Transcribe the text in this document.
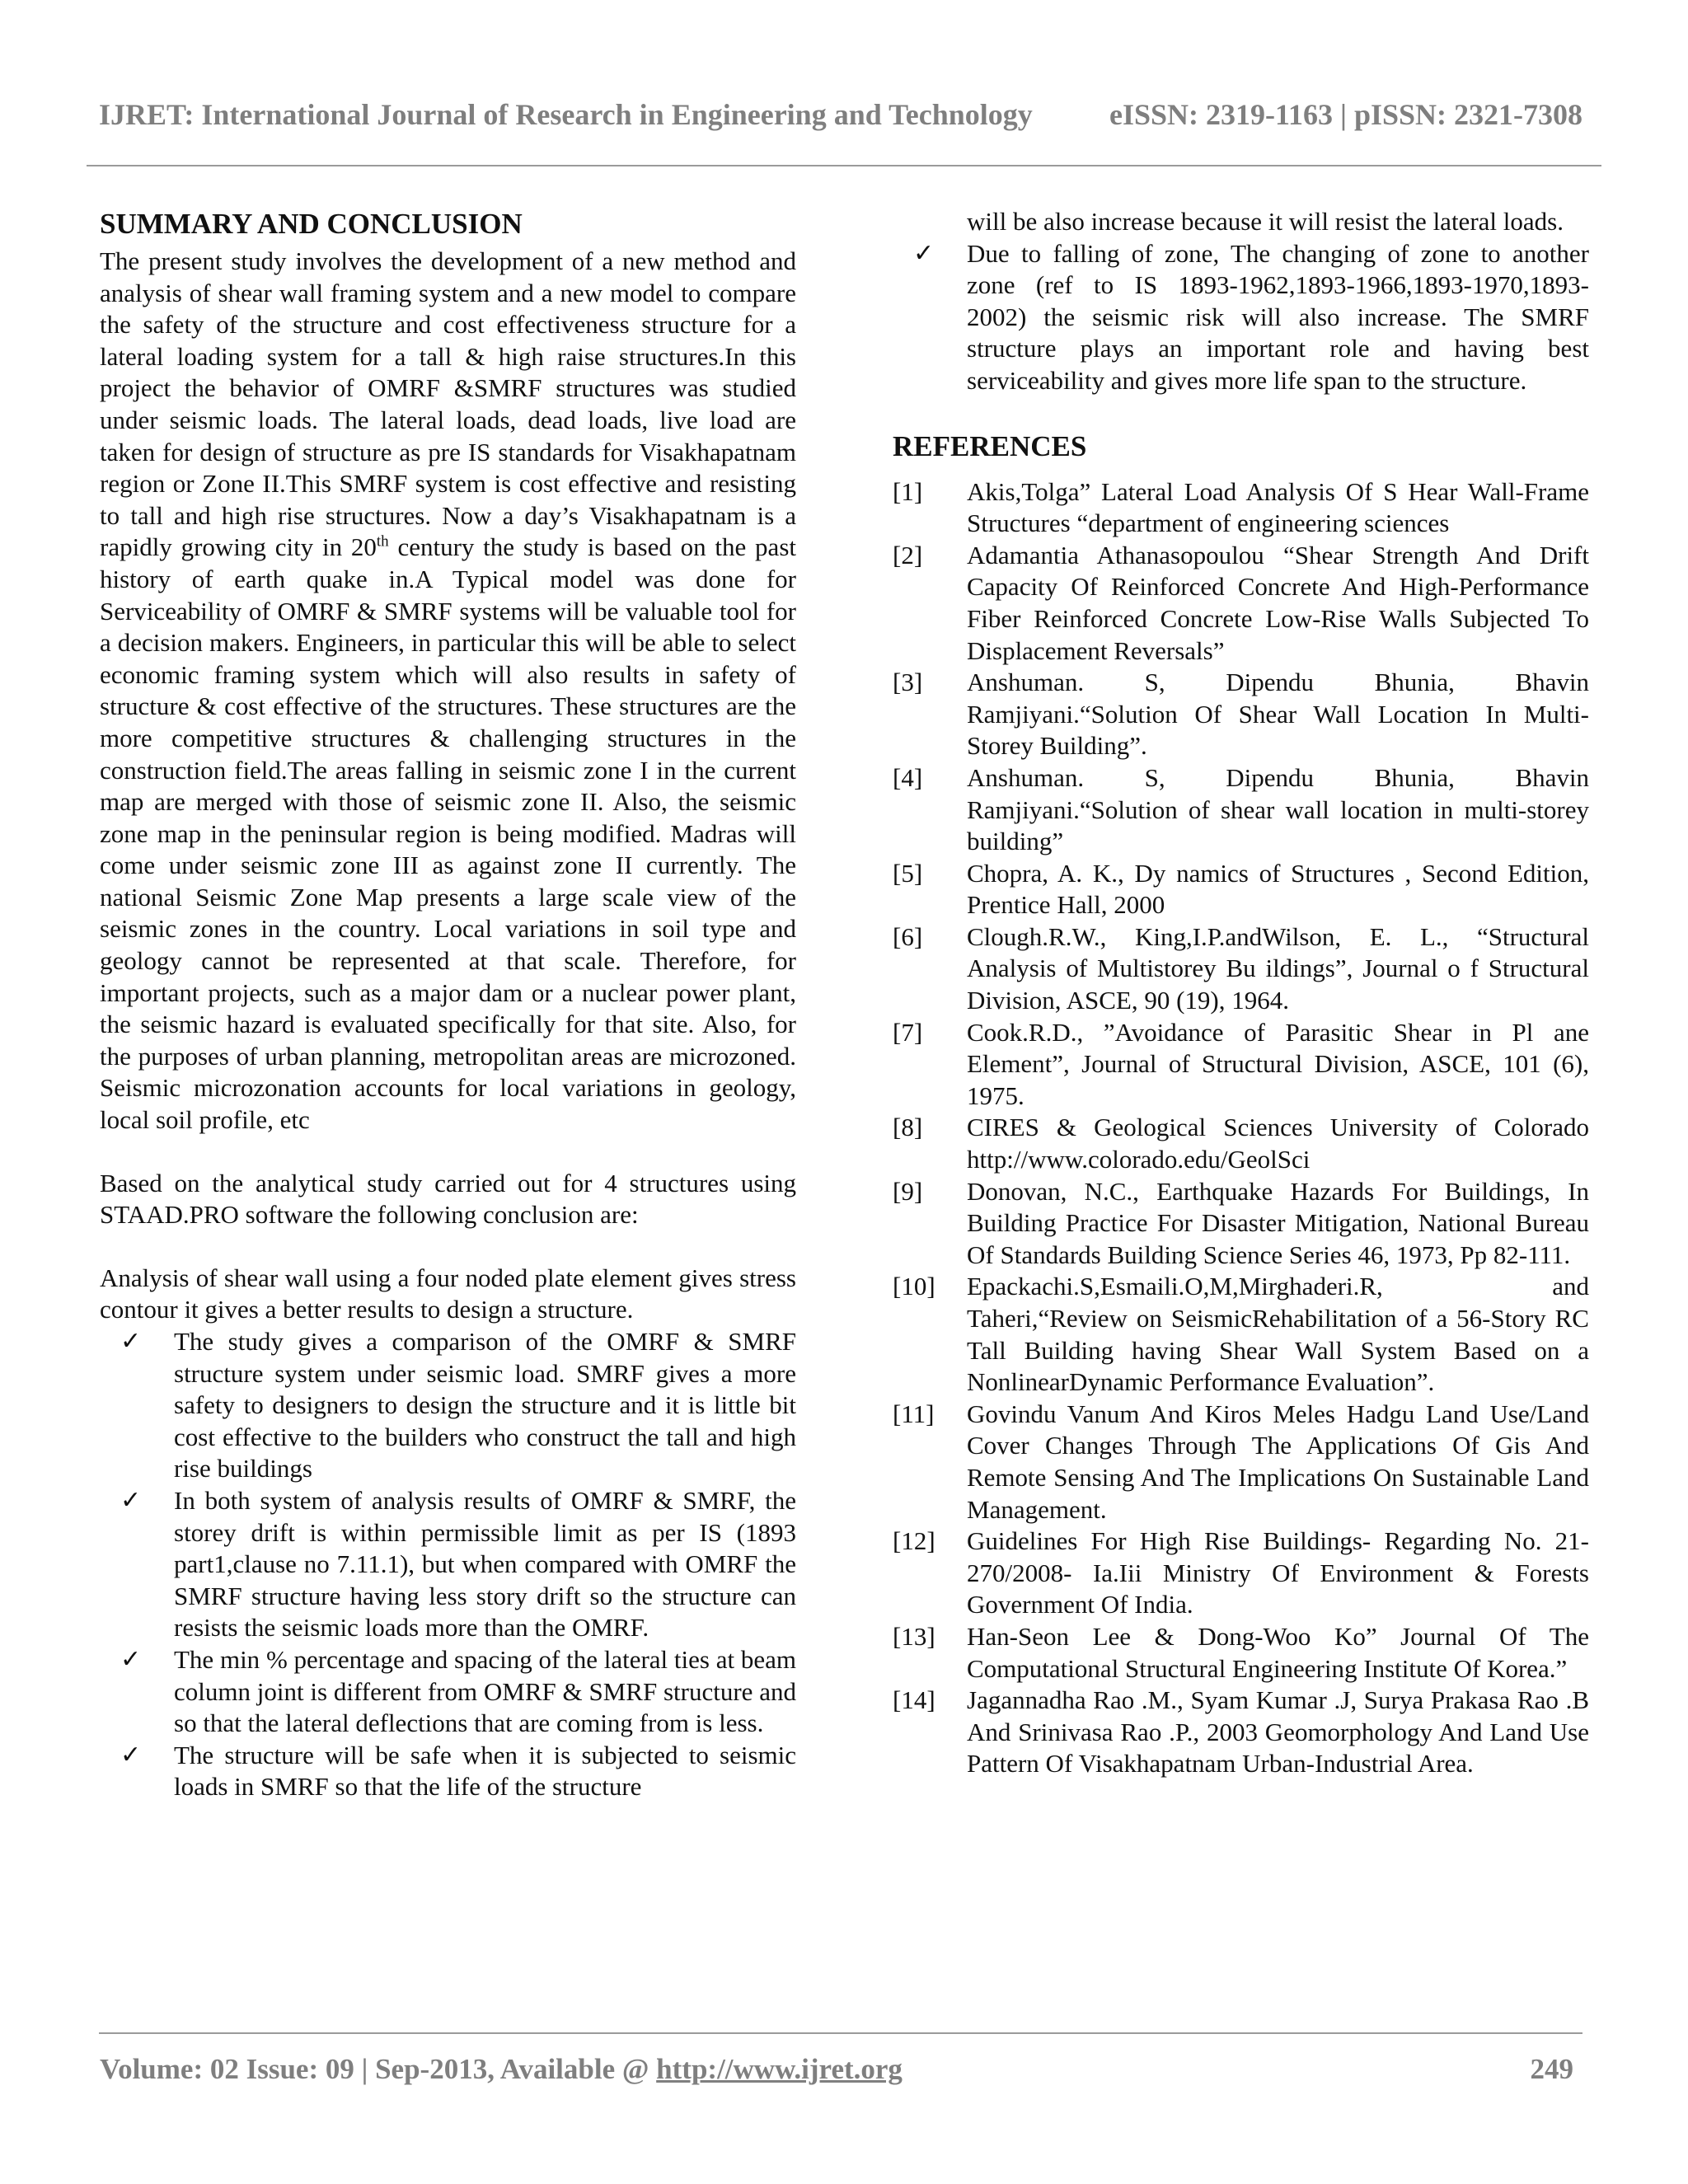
IJRET: International Journal of Research in Engineering and Technology	eISSN: 2319-1163 | pISSN: 2321-7308
SUMMARY AND CONCLUSION

The present study involves the development of a new method and analysis of shear wall framing system and a new model to compare the safety of the structure and cost effectiveness structure for a lateral loading system for a tall & high raise structures.In this project the behavior of OMRF &SMRF structures was studied under seismic loads. The lateral loads, dead loads, live load are taken for design of structure as pre IS standards for Visakhapatnam region or Zone II.This SMRF system is cost effective and resisting to tall and high rise structures. Now a day’s Visakhapatnam is a rapidly growing city in 20th century the study is based on the past history of earth quake in.A Typical model was done for Serviceability of OMRF & SMRF systems will be valuable tool for a decision makers. Engineers, in particular this will be able to select economic framing system which will also results in safety of structure & cost effective of the structures. These structures are the more competitive structures & challenging structures in the construction field.The areas falling in seismic zone I in the current map are merged with those of seismic zone II. Also, the seismic zone map in the peninsular region is being modified. Madras will come under seismic zone III as against zone II currently. The national Seismic Zone Map presents a large scale view of the seismic zones in the country. Local variations in soil type and geology cannot be represented at that scale. Therefore, for important projects, such as a major dam or a nuclear power plant, the seismic hazard is evaluated specifically for that site. Also, for the purposes of urban planning, metropolitan areas are microzoned. Seismic microzonation accounts for local variations in geology, local soil profile, etc

Based on the analytical study carried out for 4 structures using STAAD.PRO software the following conclusion are:

Analysis of shear wall using a four noded plate element gives stress contour it gives a better results to design a structure.

✓ The study gives a comparison of the OMRF & SMRF structure system under seismic load. SMRF gives a more safety to designers to design the structure and it is little bit cost effective to the builders who construct the tall and high rise buildings
✓ In both system of analysis results of OMRF & SMRF, the storey drift is within permissible limit as per IS (1893 part1,clause no 7.11.1), but when compared with OMRF the SMRF structure having less story drift so the structure can resists the seismic loads more than the OMRF.
✓ The min % percentage and spacing of the lateral ties at beam column joint is different from OMRF & SMRF structure and so that the lateral deflections that are coming from is less.
✓ The structure will be safe when it is subjected to seismic loads in SMRF so that the life of the structure
will be also increase because it will resist the lateral loads.
✓ Due to falling of zone, The changing of zone to another zone (ref to IS 1893-1962,1893-1966,1893-1970,1893-2002) the seismic risk will also increase. The SMRF structure plays an important role and having best serviceability and gives more life span to the structure.
REFERENCES
[1] Akis,Tolga” Lateral Load Analysis Of S Hear Wall-Frame Structures “department of engineering sciences
[2] Adamantia Athanasopoulou “Shear Strength And Drift Capacity Of Reinforced Concrete And High-Performance Fiber Reinforced Concrete Low-Rise Walls Subjected To Displacement Reversals”
[3] Anshuman. S, Dipendu Bhunia, Bhavin Ramjiyani.“Solution Of Shear Wall Location In Multi-Storey Building”.
[4] Anshuman. S, Dipendu Bhunia, Bhavin Ramjiyani.“Solution of shear wall location in multi-storey building”
[5] Chopra, A. K., Dy namics of Structures , Second Edition, Prentice Hall, 2000
[6] Clough.R.W., King,I.P.andWilson, E. L., “Structural Analysis of Multistorey Bu ildings”, Journal o f Structural Division, ASCE, 90 (19), 1964.
[7] Cook.R.D., ”Avoidance of Parasitic Shear in Pl ane Element”, Journal of Structural Division, ASCE, 101 (6), 1975.
[8] CIRES & Geological Sciences University of Colorado http://www.colorado.edu/GeolSci
[9] Donovan, N.C., Earthquake Hazards For Buildings, In Building Practice For Disaster Mitigation, National Bureau Of Standards Building Science Series 46, 1973, Pp 82-111.
[10] Epackachi.S,Esmaili.O,M,Mirghaderi.R, and Taheri,“Review on SeismicRehabilitation of a 56-Story RC Tall Building having Shear Wall System Based on a NonlinearDynamic Performance Evaluation”.
[11] Govindu Vanum And Kiros Meles Hadgu Land Use/Land Cover Changes Through The Applications Of Gis And Remote Sensing And The Implications On Sustainable Land Management.
[12] Guidelines For High Rise Buildings- Regarding No. 21-270/2008- Ia.Iii Ministry Of Environment & Forests Government Of India.
[13] Han-Seon Lee & Dong-Woo Ko” Journal Of The Computational Structural Engineering Institute Of Korea.”
[14] Jagannadha Rao .M., Syam Kumar .J, Surya Prakasa Rao .B And Srinivasa Rao .P., 2003 Geomorphology And Land Use Pattern Of Visakhapatnam Urban-Industrial Area.
Volume: 02 Issue: 09 | Sep-2013, Available @ http://www.ijret.org	249
